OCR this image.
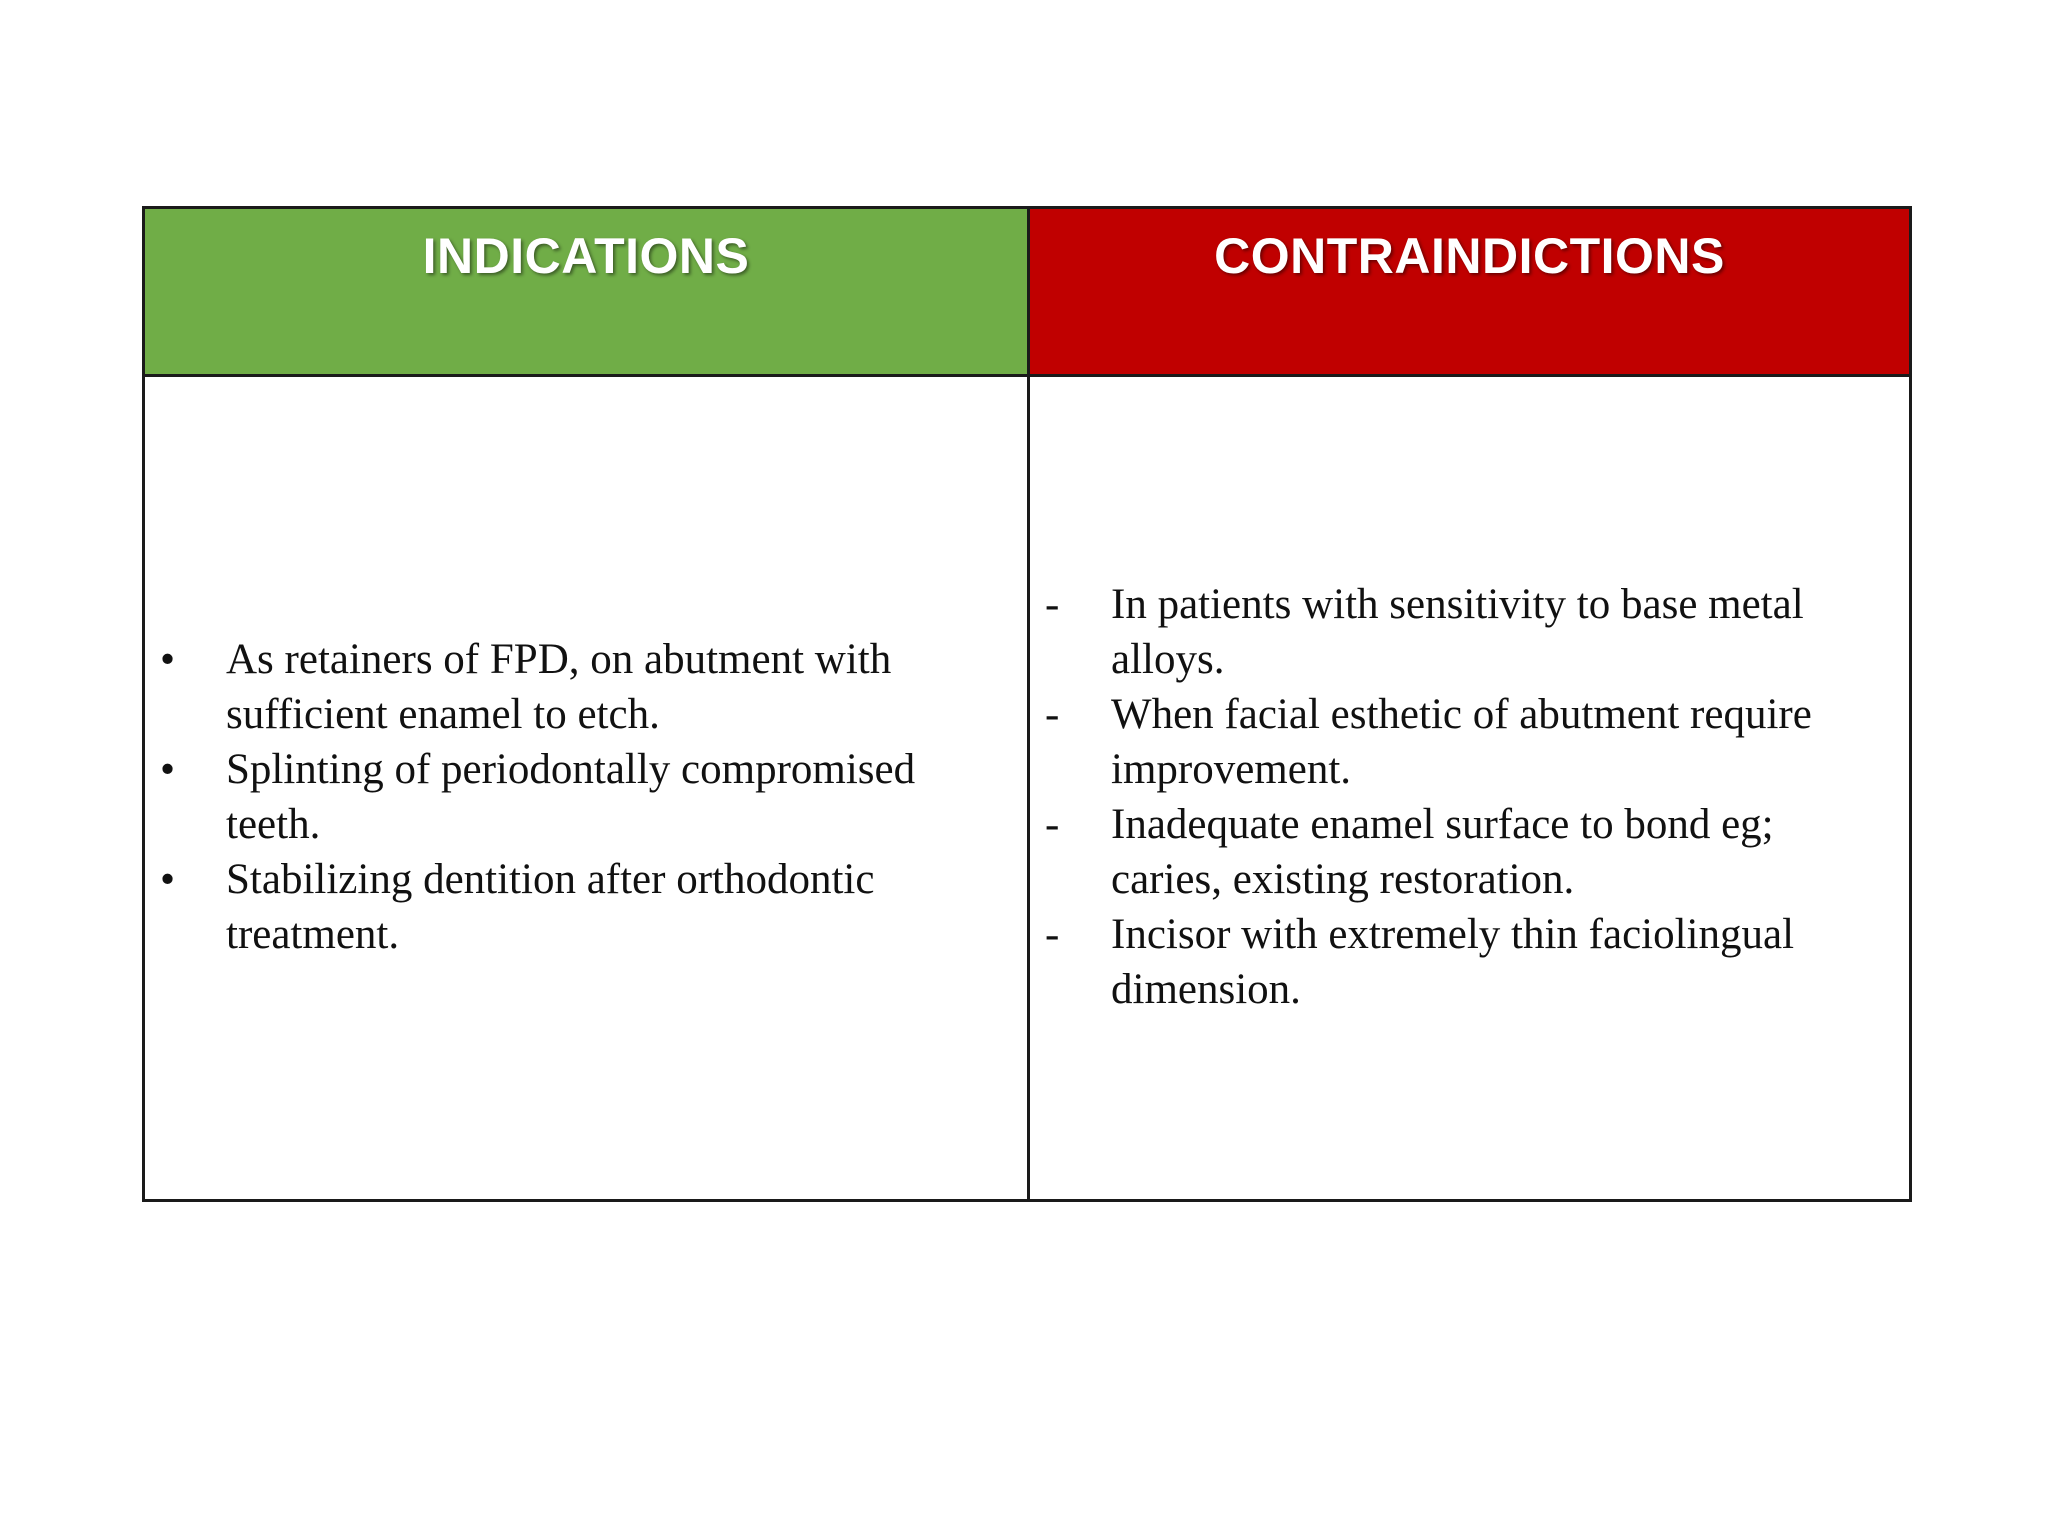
INDICATIONS	CONTRAINDICTIONS
•	As retainers of FPD, on abutment with sufficient enamel to etch.
•	Splinting of periodontally compromised teeth.
•	Stabilizing dentition after orthodontic treatment.
-	In patients with sensitivity to base metal alloys.
-	When facial esthetic of abutment require improvement.
-	Inadequate enamel surface to bond eg; caries, existing restoration.
-	Incisor with extremely thin faciolingual dimension.
